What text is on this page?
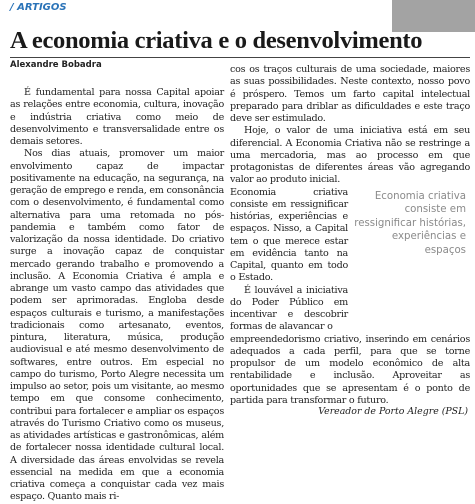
/ ARTIGOS
A economia criativa e o desenvolvimento
Alexandre Bobadra

É fundamental para nossa Capital apoiar as relações entre economia, cultura, inovação e indústria criativa como meio de desenvolvimento e transversalidade entre os demais setores.

Nos dias atuais, promover um maior envolvimento capaz de impactar positivamente na educação, na segurança, na geração de emprego e renda, em consonância com o desenvolvimento, é fundamental como alternativa para uma retomada no pós-pandemia e também como fator de valorização da nossa identidade. Do criativo surge a inovação capaz de conquistar mercado gerando trabalho e promovendo a inclusão. A Economia Criativa é ampla e abrange um vasto campo das atividades que podem ser aprimoradas. Engloba desde espaços culturais e turismo, a manifestações tradicionais como artesanato, eventos, pintura, literatura, música, produção audiovisual e até mesmo desenvolvimento de softwares, entre outros. Em especial no campo do turismo, Porto Alegre necessita um impulso ao setor, pois um visitante, ao mesmo tempo em que consome conhecimento, contribui para fortalecer e ampliar os espaços através do Turismo Criativo como os museus, as atividades artísticas e gastronômicas, além de fortalecer nossa identidade cultural local. A diversidade das áreas envolvidas se revela essencial na medida em que a economia criativa começa a conquistar cada vez mais espaço. Quanto mais ri-

cos os traços culturais de uma sociedade, maiores as suas possibilidades. Neste contexto, nosso povo é próspero. Temos um farto capital intelectual preparado para driblar as dificuldades e este traço deve ser estimulado.

Hoje, o valor de uma iniciativa está em seu diferencial. A Economia Criativa não se restringe a uma mercadoria, mas ao processo em que protagonistas de diferentes áreas vão agregando valor ao produto inicial.

Economia criativa consiste em ressignificar histórias, experiências e espaços. Nisso, a Capital tem o que merece estar em evidência tanto na Capital, quanto em todo o Estado.

É louvável a iniciativa do Poder Público em incentivar e descobrir formas de alavancar o

empreendedorismo criativo, inserindo em cenários adequados a cada perfil, para que se torne propulsor de um modelo econômico de alta rentabilidade e inclusão. Aproveitar as oportunidades que se apresentam é o ponto de partida para transformar o futuro.

Economia criativa consiste em ressignificar histórias, experiências e espaços
Vereador de Porto Alegre (PSL)
